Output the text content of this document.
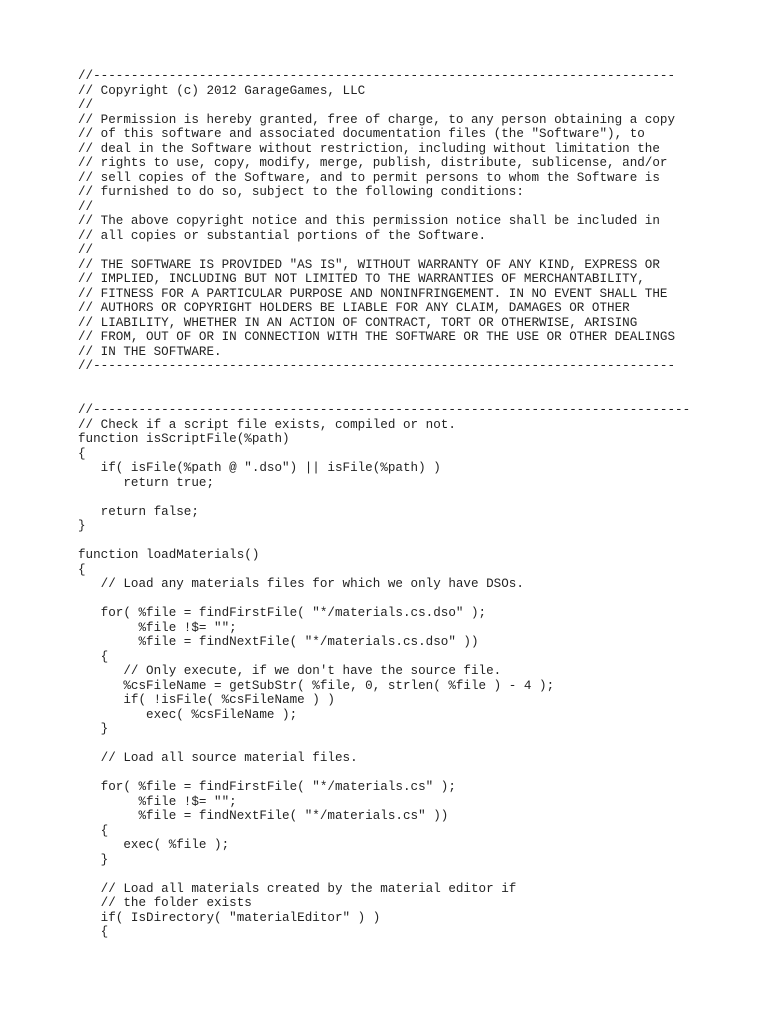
//-----------------------------------------------------------------------------
// Copyright (c) 2012 GarageGames, LLC
//
// Permission is hereby granted, free of charge, to any person obtaining a copy
// of this software and associated documentation files (the "Software"), to
// deal in the Software without restriction, including without limitation the
// rights to use, copy, modify, merge, publish, distribute, sublicense, and/or
// sell copies of the Software, and to permit persons to whom the Software is
// furnished to do so, subject to the following conditions:
//
// The above copyright notice and this permission notice shall be included in
// all copies or substantial portions of the Software.
//
// THE SOFTWARE IS PROVIDED "AS IS", WITHOUT WARRANTY OF ANY KIND, EXPRESS OR
// IMPLIED, INCLUDING BUT NOT LIMITED TO THE WARRANTIES OF MERCHANTABILITY,
// FITNESS FOR A PARTICULAR PURPOSE AND NONINFRINGEMENT. IN NO EVENT SHALL THE
// AUTHORS OR COPYRIGHT HOLDERS BE LIABLE FOR ANY CLAIM, DAMAGES OR OTHER
// LIABILITY, WHETHER IN AN ACTION OF CONTRACT, TORT OR OTHERWISE, ARISING
// FROM, OUT OF OR IN CONNECTION WITH THE SOFTWARE OR THE USE OR OTHER DEALINGS
// IN THE SOFTWARE.
//-----------------------------------------------------------------------------
//-------------------------------------------------------------------------------
// Check if a script file exists, compiled or not.
function isScriptFile(%path)
{
if( isFile(%path @ ".dso") || isFile(%path) )
return true;

return false;
}

function loadMaterials()
{
// Load any materials files for which we only have DSOs.

for( %file = findFirstFile( "*/materials.cs.dso" );
%file !$= "";
%file = findNextFile( "*/materials.cs.dso" ))
{
// Only execute, if we don't have the source file.
%csFileName = getSubStr( %file, 0, strlen( %file ) - 4 );
if( !isFile( %csFileName ) )
exec( %csFileName );
}

// Load all source material files.

for( %file = findFirstFile( "*/materials.cs" );
%file !$= "";
%file = findNextFile( "*/materials.cs" ))
{
exec( %file );
}

// Load all materials created by the material editor if
// the folder exists
if( IsDirectory( "materialEditor" ) )
{
